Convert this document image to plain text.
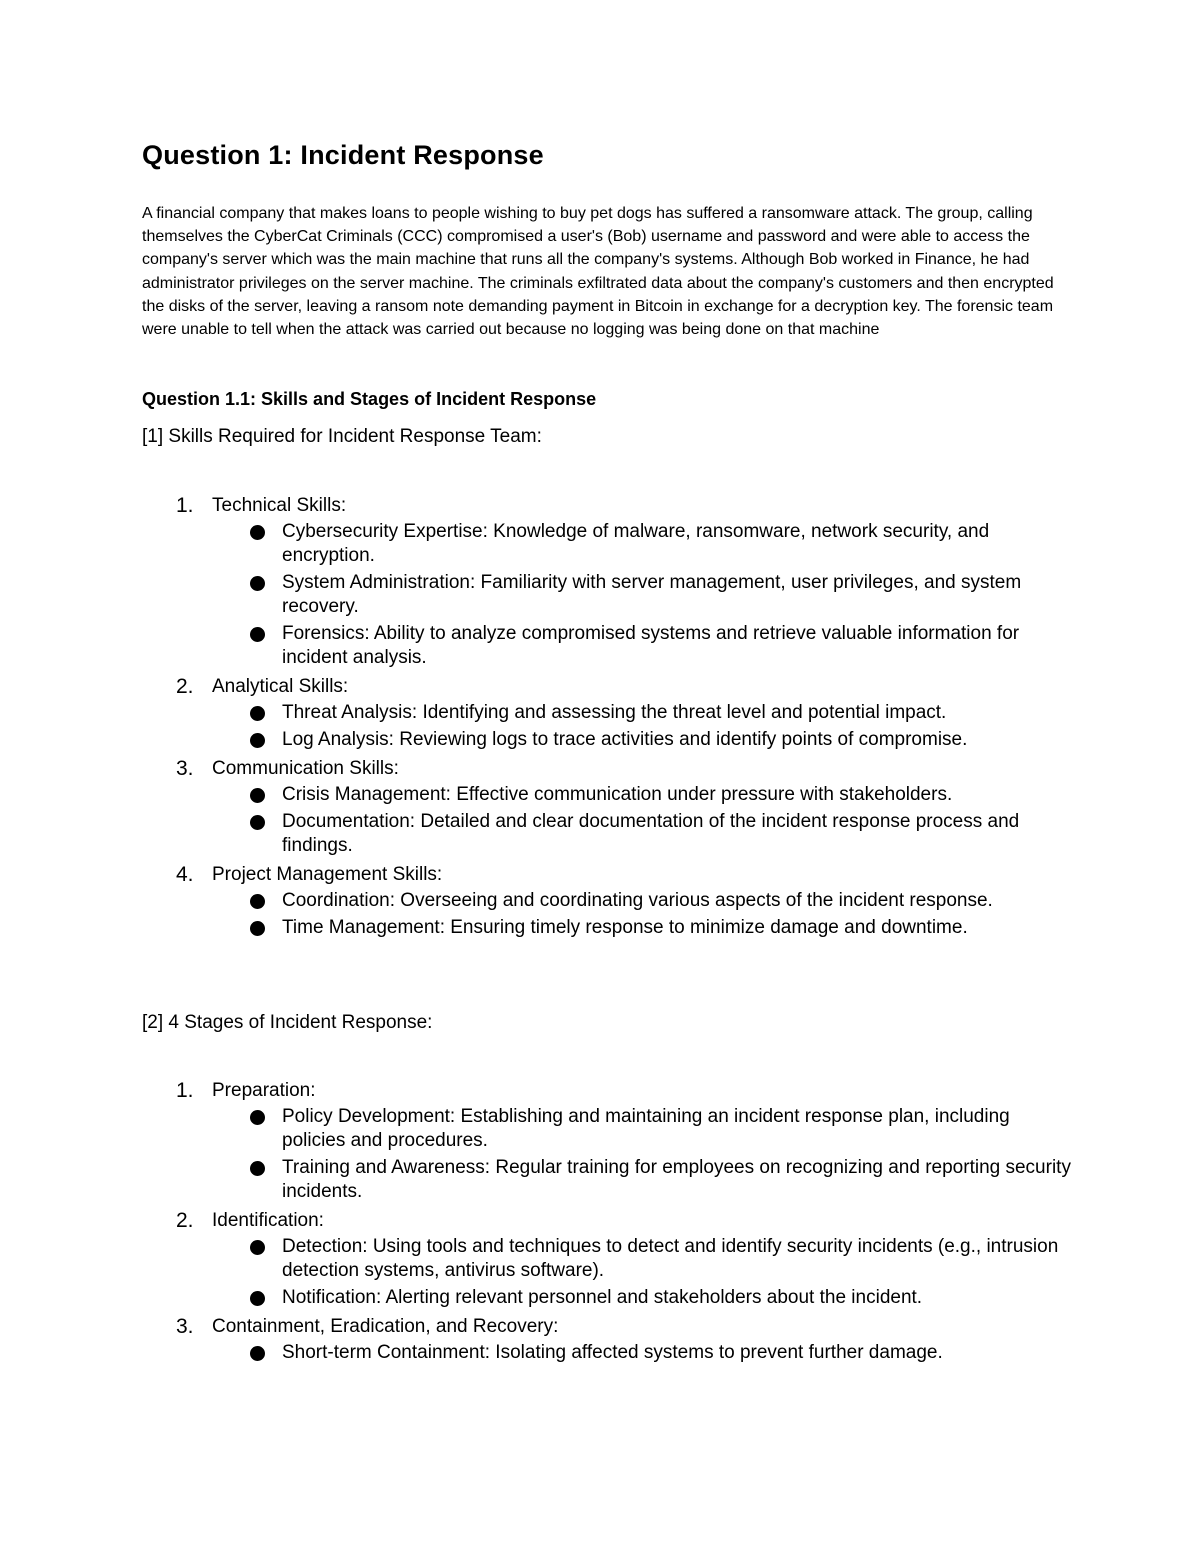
Question 1: Incident Response

A financial company that makes loans to people wishing to buy pet dogs has suffered a ransomware attack. The group, calling themselves the CyberCat Criminals (CCC) compromised a user's (Bob) username and password and were able to access the company's server which was the main machine that runs all the company's systems. Although Bob worked in Finance, he had administrator privileges on the server machine. The criminals exfiltrated data about the company's customers and then encrypted the disks of the server, leaving a ransom note demanding payment in Bitcoin in exchange for a decryption key. The forensic team were unable to tell when the attack was carried out because no logging was being done on that machine

Question 1.1: Skills and Stages of Incident Response

[1] Skills Required for Incident Response Team:

1. Technical Skills:
Cybersecurity Expertise: Knowledge of malware, ransomware, network security, and encryption.
System Administration: Familiarity with server management, user privileges, and system recovery.
Forensics: Ability to analyze compromised systems and retrieve valuable information for incident analysis.
2. Analytical Skills:
Threat Analysis: Identifying and assessing the threat level and potential impact.
Log Analysis: Reviewing logs to trace activities and identify points of compromise.
3. Communication Skills:
Crisis Management: Effective communication under pressure with stakeholders.
Documentation: Detailed and clear documentation of the incident response process and findings.
4. Project Management Skills:
Coordination: Overseeing and coordinating various aspects of the incident response.
Time Management: Ensuring timely response to minimize damage and downtime.

[2] 4 Stages of Incident Response:

1. Preparation:
Policy Development: Establishing and maintaining an incident response plan, including policies and procedures.
Training and Awareness: Regular training for employees on recognizing and reporting security incidents.
2. Identification:
Detection: Using tools and techniques to detect and identify security incidents (e.g., intrusion detection systems, antivirus software).
Notification: Alerting relevant personnel and stakeholders about the incident.
3. Containment, Eradication, and Recovery:
Short-term Containment: Isolating affected systems to prevent further damage.
